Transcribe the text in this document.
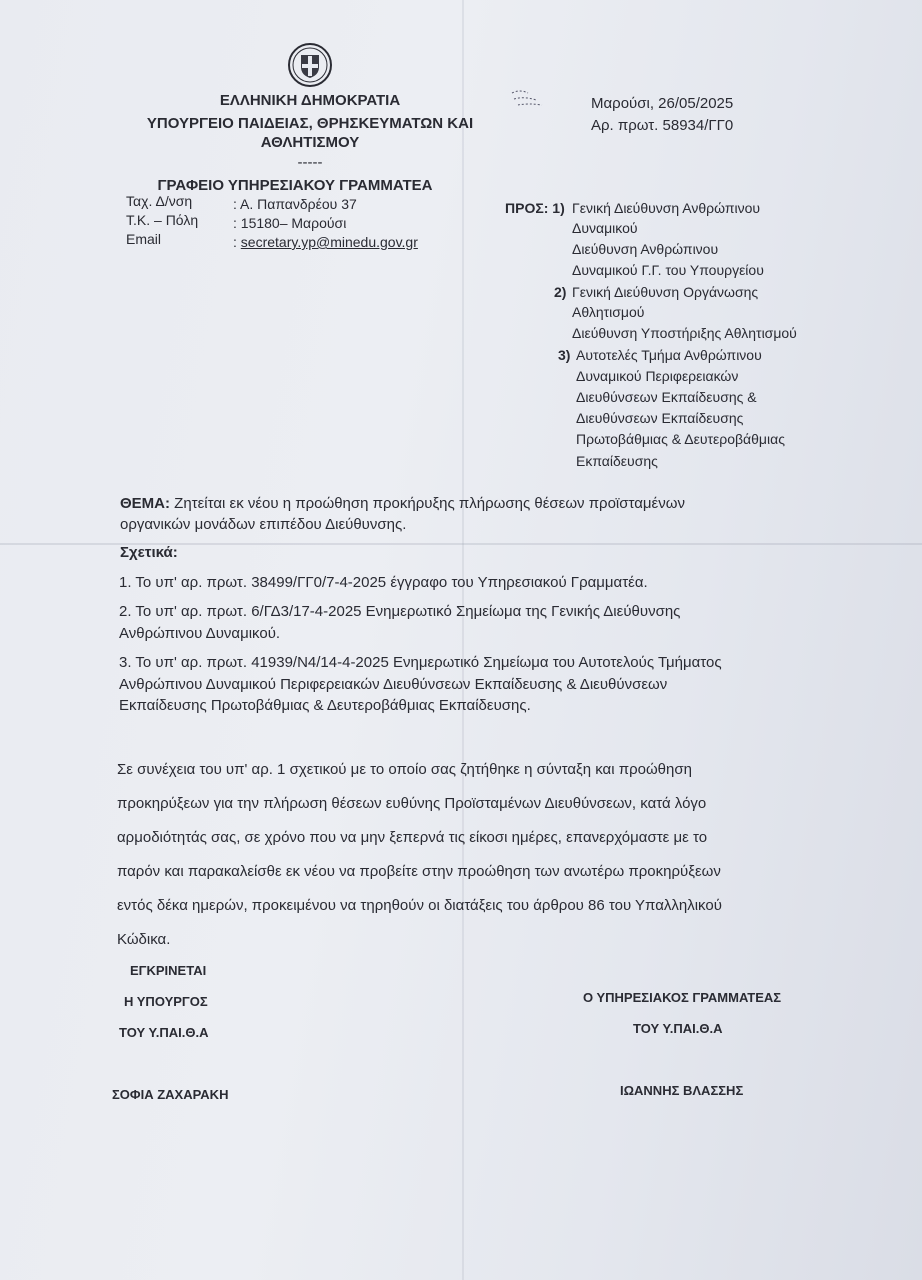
ΕΛΛΗΝΙΚΗ ΔΗΜΟΚΡΑΤΙΑ
ΥΠΟΥΡΓΕΙΟ ΠΑΙΔΕΙΑΣ, ΘΡΗΣΚΕΥΜΑΤΩΝ ΚΑΙ
ΑΘΛΗΤΙΣΜΟΥ
-----
ΓΡΑΦΕΙΟ ΥΠΗΡΕΣΙΑΚΟΥ ΓΡΑΜΜΑΤΕΑ
Ταχ. Δ/νση	: Α. Παπανδρέου 37
Τ.Κ. – Πόλη : 15180– Μαρούσι
Email	: secretary.yp@minedu.gov.gr
Μαρούσι, 26/05/2025
Αρ. πρωτ. 58934/ΓΓ0
ΠΡΟΣ: 1) Γενική Διεύθυνση Ανθρώπινου
Δυναμικού
Διεύθυνση Ανθρώπινου
Δυναμικού Γ.Γ. του Υπουργείου
2) Γενική Διεύθυνση Οργάνωσης
Αθλητισμού
Διεύθυνση Υποστήριξης Αθλητισμού
3) Αυτοτελές Τμήμα Ανθρώπινου
Δυναμικού Περιφερειακών
Διευθύνσεων Εκπαίδευσης &
Διευθύνσεων Εκπαίδευσης
Πρωτοβάθμιας & Δευτεροβάθμιας
Εκπαίδευσης
ΘΕΜΑ: Ζητείται εκ νέου η προώθηση προκήρυξης πλήρωσης θέσεων προϊσταμένων
οργανικών μονάδων επιπέδου Διεύθυνσης.
Σχετικά:
1. Το υπ' αρ. πρωτ. 38499/ΓΓ0/7-4-2025 έγγραφο του Υπηρεσιακού Γραμματέα.
2. Το υπ' αρ. πρωτ. 6/ΓΔ3/17-4-2025 Ενημερωτικό Σημείωμα της Γενικής Διεύθυνσης
Ανθρώπινου Δυναμικού.
3. Το υπ' αρ. πρωτ. 41939/Ν4/14-4-2025 Ενημερωτικό Σημείωμα του Αυτοτελούς Τμήματος
Ανθρώπινου Δυναμικού Περιφερειακών Διευθύνσεων Εκπαίδευσης & Διευθύνσεων
Εκπαίδευσης Πρωτοβάθμιας & Δευτεροβάθμιας Εκπαίδευσης.
Σε συνέχεια του υπ' αρ. 1 σχετικού με το οποίο σας ζητήθηκε η σύνταξη και προώθηση
προκηρύξεων για την πλήρωση θέσεων ευθύνης Προϊσταμένων Διευθύνσεων, κατά λόγο
αρμοδιότητάς σας, σε χρόνο που να μην ξεπερνά τις είκοσι ημέρες, επανερχόμαστε με το
παρόν και παρακαλείσθε εκ νέου να προβείτε στην προώθηση των ανωτέρω προκηρύξεων
εντός δέκα ημερών, προκειμένου να τηρηθούν οι διατάξεις του άρθρου 86 του Υπαλληλικού
Κώδικα.
ΕΓΚΡΙΝΕΤΑΙ
Η ΥΠΟΥΡΓΟΣ
ΤΟΥ Υ.ΠΑΙ.Θ.Α
ΣΟΦΙΑ ΖΑΧΑΡΑΚΗ
Ο ΥΠΗΡΕΣΙΑΚΟΣ ΓΡΑΜΜΑΤΕΑΣ
ΤΟΥ Υ.ΠΑΙ.Θ.Α
ΙΩΑΝΝΗΣ ΒΛΑΣΣΗΣ
